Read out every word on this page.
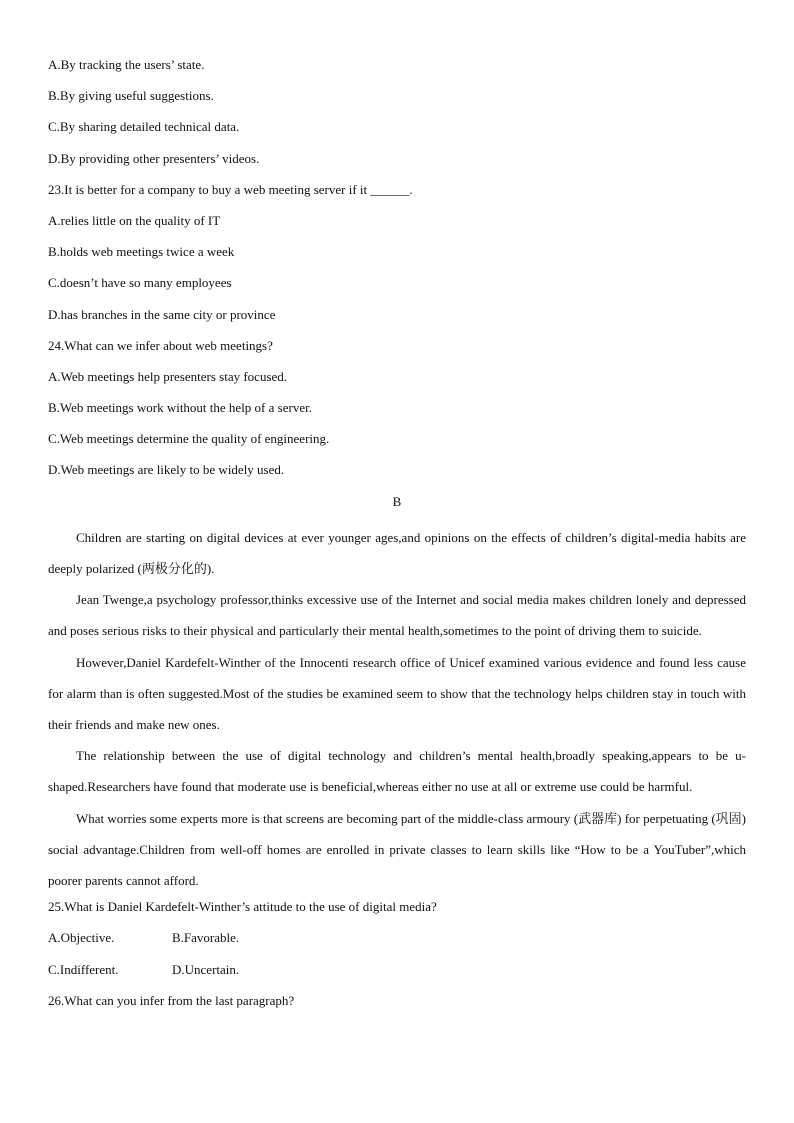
A.By tracking the users’ state.
B.By giving useful suggestions.
C.By sharing detailed technical data.
D.By providing other presenters’ videos.
23.It is better for a company to buy a web meeting server if it ______.
A.relies little on the quality of IT
B.holds web meetings twice a week
C.doesn’t have so many employees
D.has branches in the same city or province
24.What can we infer about web meetings?
A.Web meetings help presenters stay focused.
B.Web meetings work without the help of a server.
C.Web meetings determine the quality of engineering.
D.Web meetings are likely to be widely used.
B

Children are starting on digital devices at ever younger ages,and opinions on the effects of children’s digital-media habits are deeply polarized (两极分化的).

Jean Twenge,a psychology professor,thinks excessive use of the Internet and social media makes children lonely and depressed and poses serious risks to their physical and particularly their mental health,sometimes to the point of driving them to suicide.

However,Daniel Kardefelt-Winther of the Innocenti research office of Unicef examined various evidence and found less cause for alarm than is often suggested.Most of the studies be examined seem to show that the technology helps children stay in touch with their friends and make new ones.

The relationship between the use of digital technology and children’s mental health,broadly speaking,appears to be u-shaped.Researchers have found that moderate use is beneficial,whereas either no use at all or extreme use could be harmful.

What worries some experts more is that screens are becoming part of the middle-class armoury (武器库) for perpetuating (巩固) social advantage.Children from well-off homes are enrolled in private classes to learn skills like “How to be a YouTuber”,which poorer parents cannot afford.

25.What is Daniel Kardefelt-Winther’s attitude to the use of digital media?
A.Objective.	B.Favorable.
C.Indifferent.	D.Uncertain.
26.What can you infer from the last paragraph?
